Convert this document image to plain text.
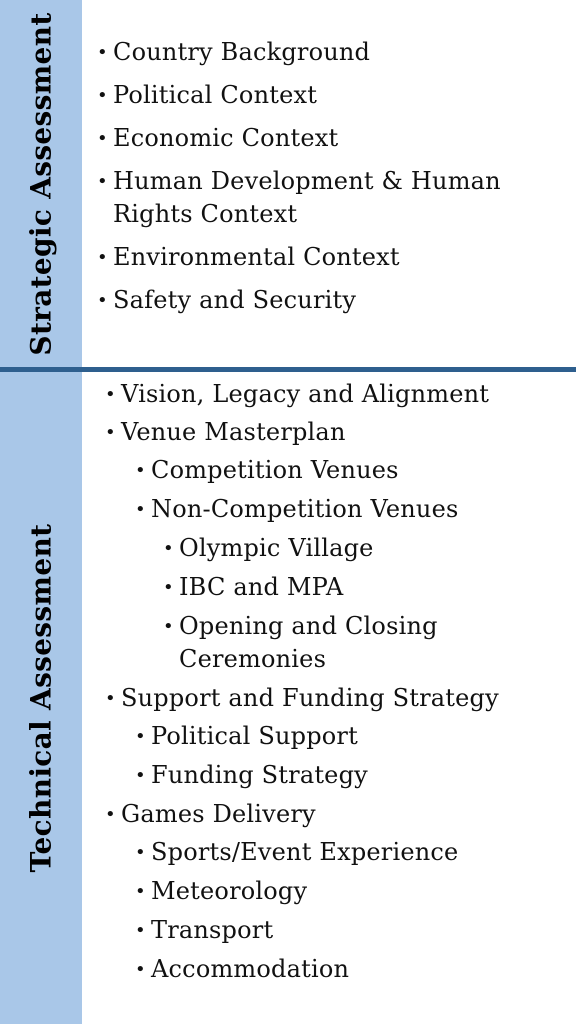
Strategic Assessment
Technical Assessment
• Country Background
• Political Context
• Economic Context
• Human Development & Human Rights Context
• Environmental Context
• Safety and Security
• Vision, Legacy and Alignment
• Venue Masterplan
• Competition Venues
• Non-Competition Venues
• Olympic Village
• IBC and MPA
• Opening and Closing Ceremonies
• Support and Funding Strategy
• Political Support
• Funding Strategy
• Games Delivery
• Sports/Event Experience
• Meteorology
• Transport
• Accommodation
